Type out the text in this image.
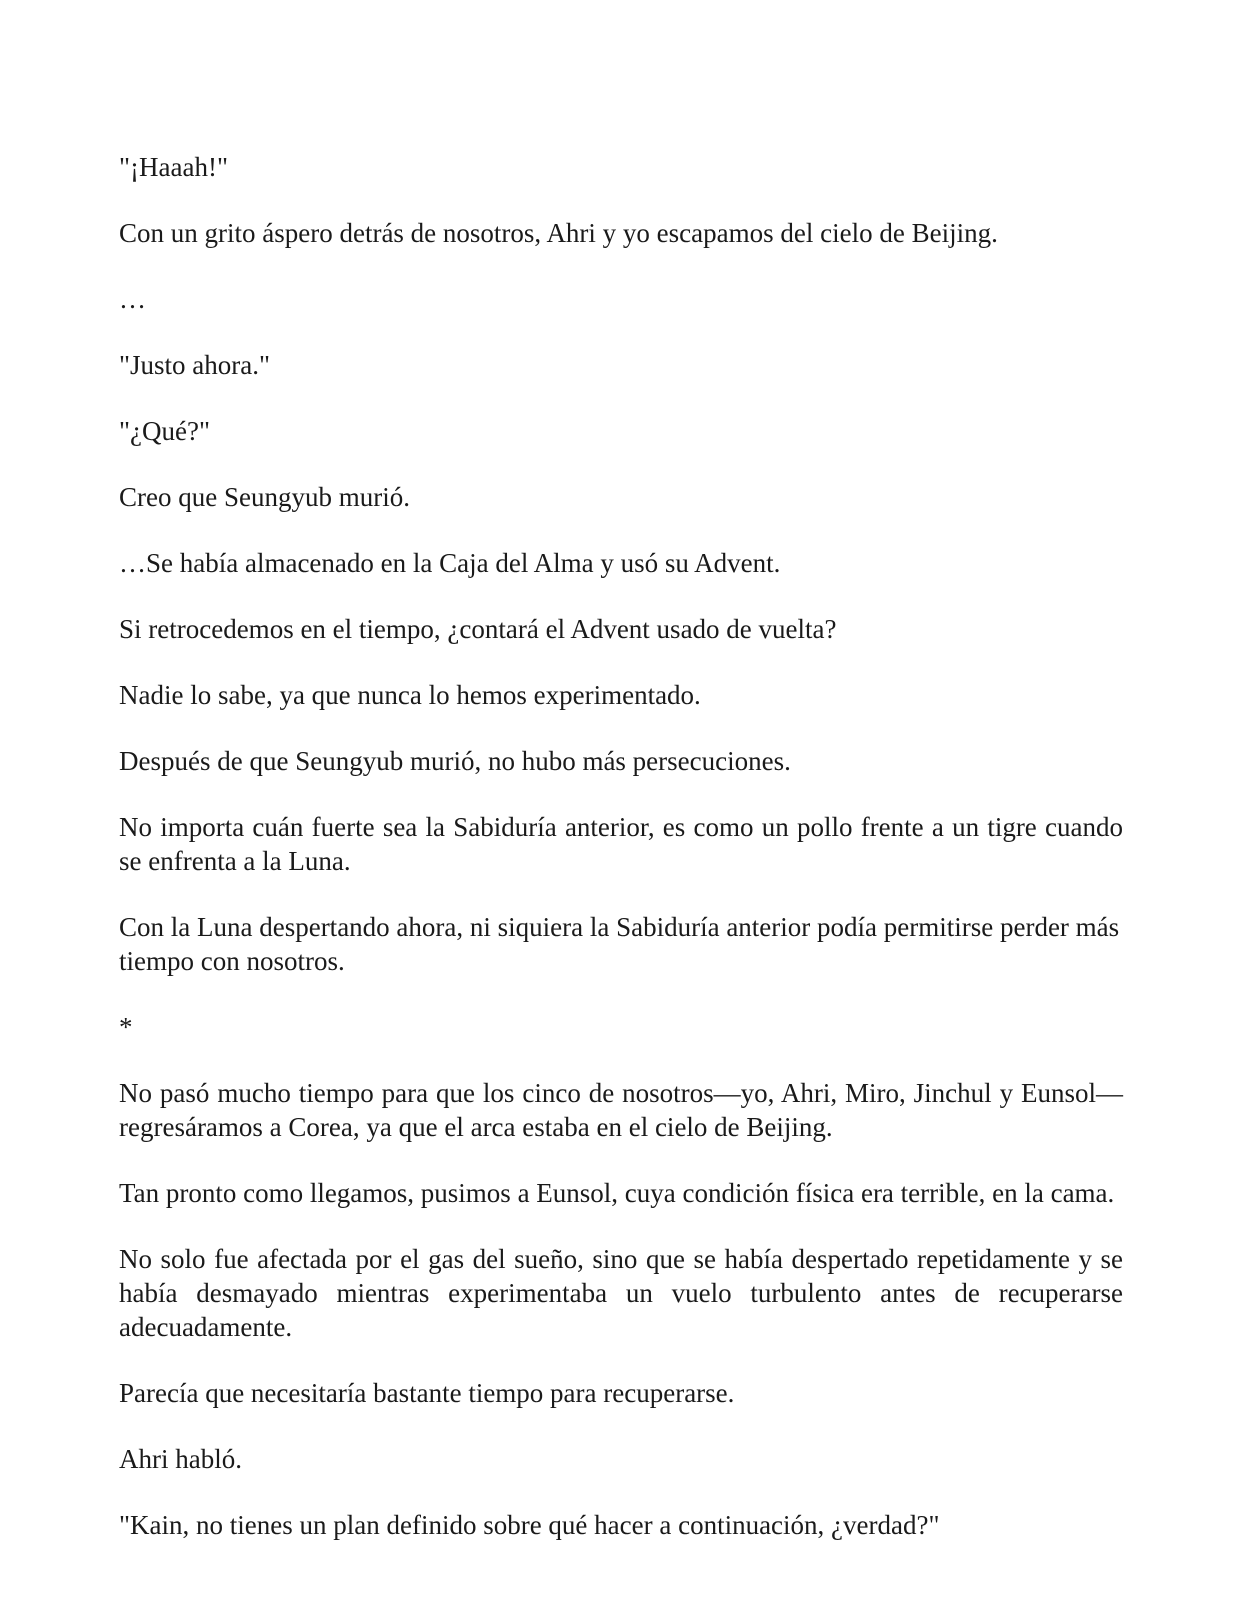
"¡Haaah!"

Con un grito áspero detrás de nosotros, Ahri y yo escapamos del cielo de Beijing.

…

"Justo ahora."

"¿Qué?"

Creo que Seungyub murió.

…Se había almacenado en la Caja del Alma y usó su Advent.

Si retrocedemos en el tiempo, ¿contará el Advent usado de vuelta?

Nadie lo sabe, ya que nunca lo hemos experimentado.

Después de que Seungyub murió, no hubo más persecuciones.

No importa cuán fuerte sea la Sabiduría anterior, es como un pollo frente a un tigre cuando se enfrenta a la Luna.

Con la Luna despertando ahora, ni siquiera la Sabiduría anterior podía permitirse perder más tiempo con nosotros.

*

No pasó mucho tiempo para que los cinco de nosotros—yo, Ahri, Miro, Jinchul y Eunsol—regresáramos a Corea, ya que el arca estaba en el cielo de Beijing.

Tan pronto como llegamos, pusimos a Eunsol, cuya condición física era terrible, en la cama.

No solo fue afectada por el gas del sueño, sino que se había despertado repetidamente y se había desmayado mientras experimentaba un vuelo turbulento antes de recuperarse adecuadamente.

Parecía que necesitaría bastante tiempo para recuperarse.

Ahri habló.

"Kain, no tienes un plan definido sobre qué hacer a continuación, ¿verdad?"
